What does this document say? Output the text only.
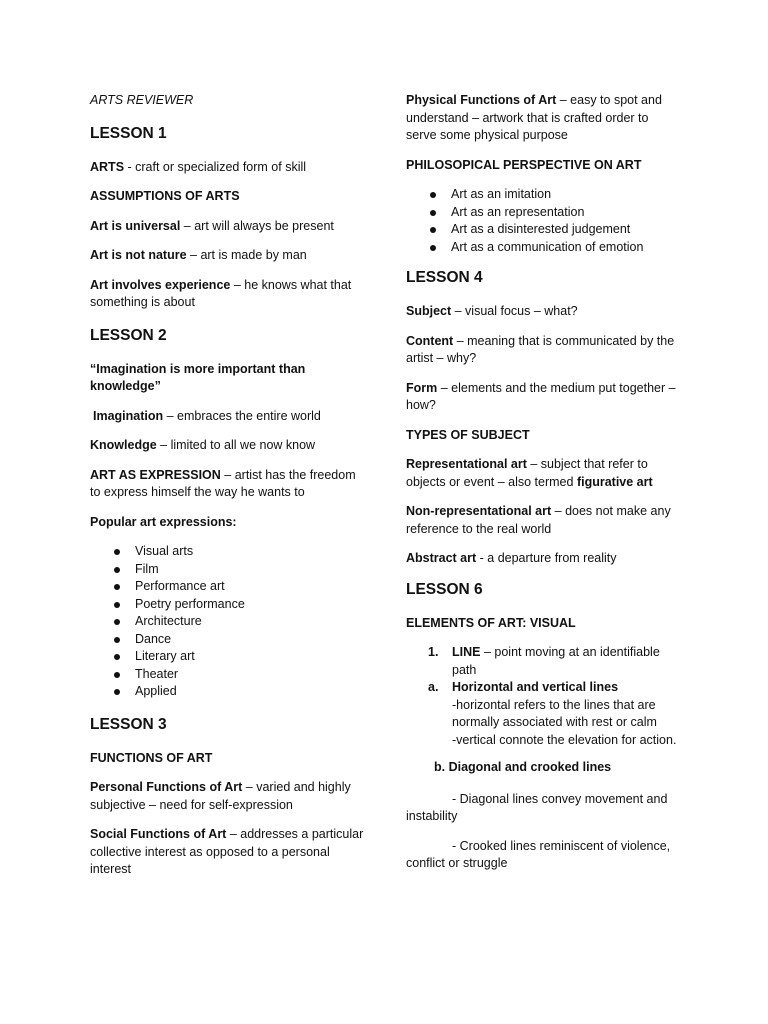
ARTS REVIEWER

LESSON 1

ARTS - craft or specialized form of skill

ASSUMPTIONS OF ARTS

Art is universal – art will always be present

Art is not nature – art is made by man

Art involves experience – he knows what that something is about

LESSON 2

“Imagination is more important than knowledge”

Imagination – embraces the entire world

Knowledge – limited to all we now know

ART AS EXPRESSION – artist has the freedom to express himself the way he wants to

Popular art expressions:

Visual arts
Film
Performance art
Poetry performance
Architecture
Dance
Literary art
Theater
Applied

LESSON 3

FUNCTIONS OF ART

Personal Functions of Art – varied and highly subjective – need for self-expression

Social Functions of Art – addresses a particular collective interest as opposed to a personal interest

Physical Functions of Art – easy to spot and understand – artwork that is crafted order to serve some physical purpose

PHILOSOPICAL PERSPECTIVE ON ART

Art as an imitation
Art as an representation
Art as a disinterested judgement
Art as a communication of emotion

LESSON 4

Subject – visual focus – what?

Content – meaning that is communicated by the artist – why?

Form – elements and the medium put together – how?

TYPES OF SUBJECT

Representational art – subject that refer to objects or event – also termed figurative art

Non-representational art – does not make any reference to the real world

Abstract art - a departure from reality

LESSON 6

ELEMENTS OF ART: VISUAL

1. LINE – point moving at an identifiable path
a. Horizontal and vertical lines

-horizontal refers to the lines that are normally associated with rest or calm

-vertical connote the elevation for action.

b. Diagonal and crooked lines

- Diagonal lines convey movement and instability

- Crooked lines reminiscent of violence, conflict or struggle
